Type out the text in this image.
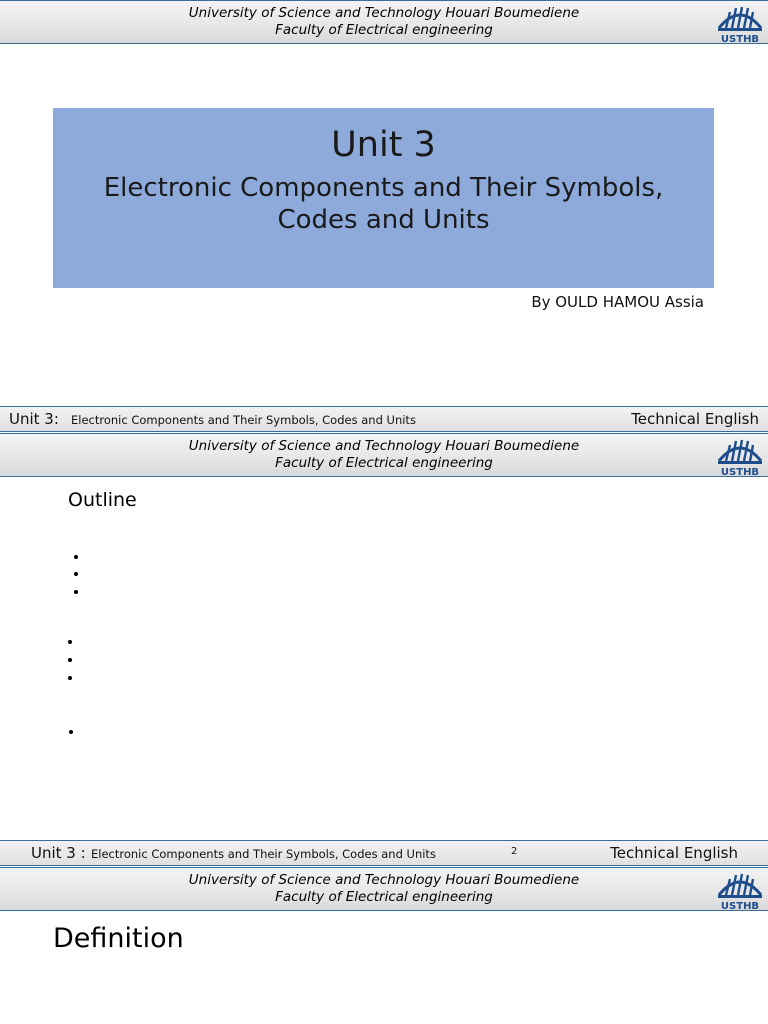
University of Science and Technology Houari Boumediene
Faculty of Electrical engineering
USTHB
Unit 3
Electronic Components and Their Symbols,
Codes and Units
By OULD HAMOU Assia
Unit 3: Electronic Components and Their Symbols, Codes and Units	Technical English
University of Science and Technology Houari Boumediene
Faculty of Electrical engineering
USTHB
Outline
Unit 3 : Electronic Components and Their Symbols, Codes and Units	2	Technical English
University of Science and Technology Houari Boumediene
Faculty of Electrical engineering
USTHB
Definition
